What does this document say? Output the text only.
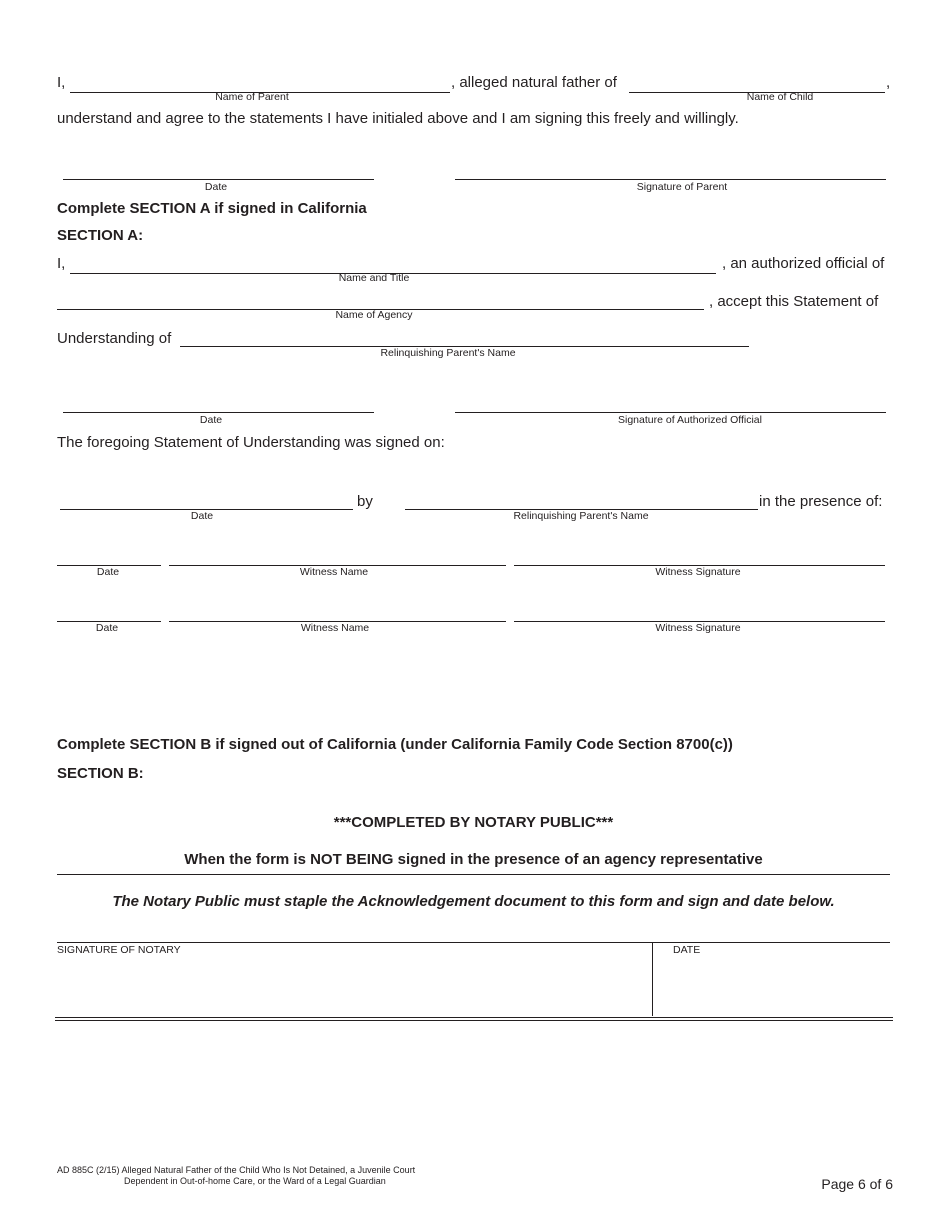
I,	, alleged natural father of	,
Name of Parent	Name of Child
understand and agree to the statements I have initialed above and I am signing this freely and willingly.
Date	Signature of Parent
Complete SECTION A if signed in California
SECTION A:
I,	, an authorized official of
Name and Title
, accept this Statement of
Name of Agency
Understanding of
Relinquishing Parent's Name
Date	Signature of Authorized Official
The foregoing Statement of Understanding was signed on:
by	in the presence of:
Date	Relinquishing Parent's Name
Date	Witness Name	Witness Signature
Date	Witness Name	Witness Signature
Complete SECTION B if signed out of California (under California Family Code Section 8700(c))
SECTION B:
***COMPLETED BY NOTARY PUBLIC***
When the form is NOT BEING signed in the presence of an agency representative
The Notary Public must staple the Acknowledgement document to this form and sign and date below.
SIGNATURE OF NOTARY	DATE
AD 885C (2/15) Alleged Natural Father of the Child Who Is Not Detained, a Juvenile Court
Dependent in Out-of-home Care, or the Ward of a Legal Guardian	Page 6 of 6
